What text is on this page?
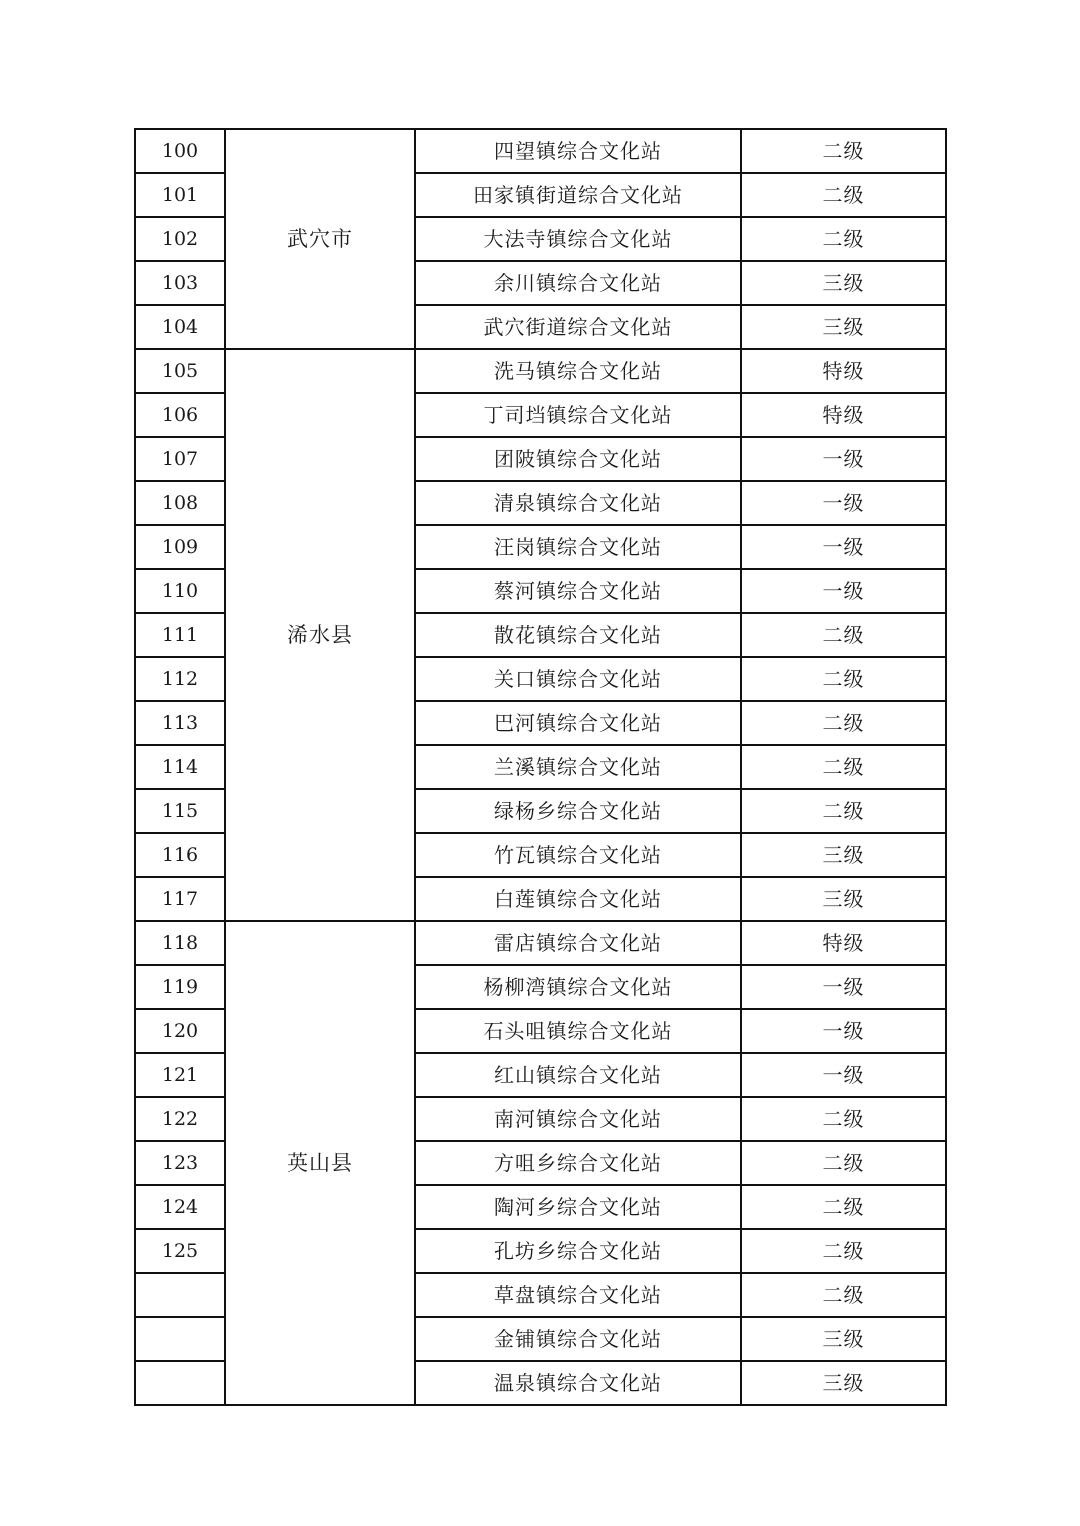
100	武穴市	四望镇综合文化站	二级
101		田家镇街道综合文化站	二级
102		大法寺镇综合文化站	二级
103		余川镇综合文化站	三级
104		武穴街道综合文化站	三级
105	浠水县	洗马镇综合文化站	特级
106		丁司垱镇综合文化站	特级
107		团陂镇综合文化站	一级
108		清泉镇综合文化站	一级
109		汪岗镇综合文化站	一级
110		蔡河镇综合文化站	一级
111		散花镇综合文化站	二级
112		关口镇综合文化站	二级
113		巴河镇综合文化站	二级
114		兰溪镇综合文化站	二级
115		绿杨乡综合文化站	二级
116		竹瓦镇综合文化站	三级
117		白莲镇综合文化站	三级
118	英山县	雷店镇综合文化站	特级
119		杨柳湾镇综合文化站	一级
120		石头咀镇综合文化站	一级
121		红山镇综合文化站	一级
122		南河镇综合文化站	二级
123		方咀乡综合文化站	二级
124		陶河乡综合文化站	二级
125		孔坊乡综合文化站	二级
		草盘镇综合文化站	二级
		金铺镇综合文化站	三级
		温泉镇综合文化站	三级
